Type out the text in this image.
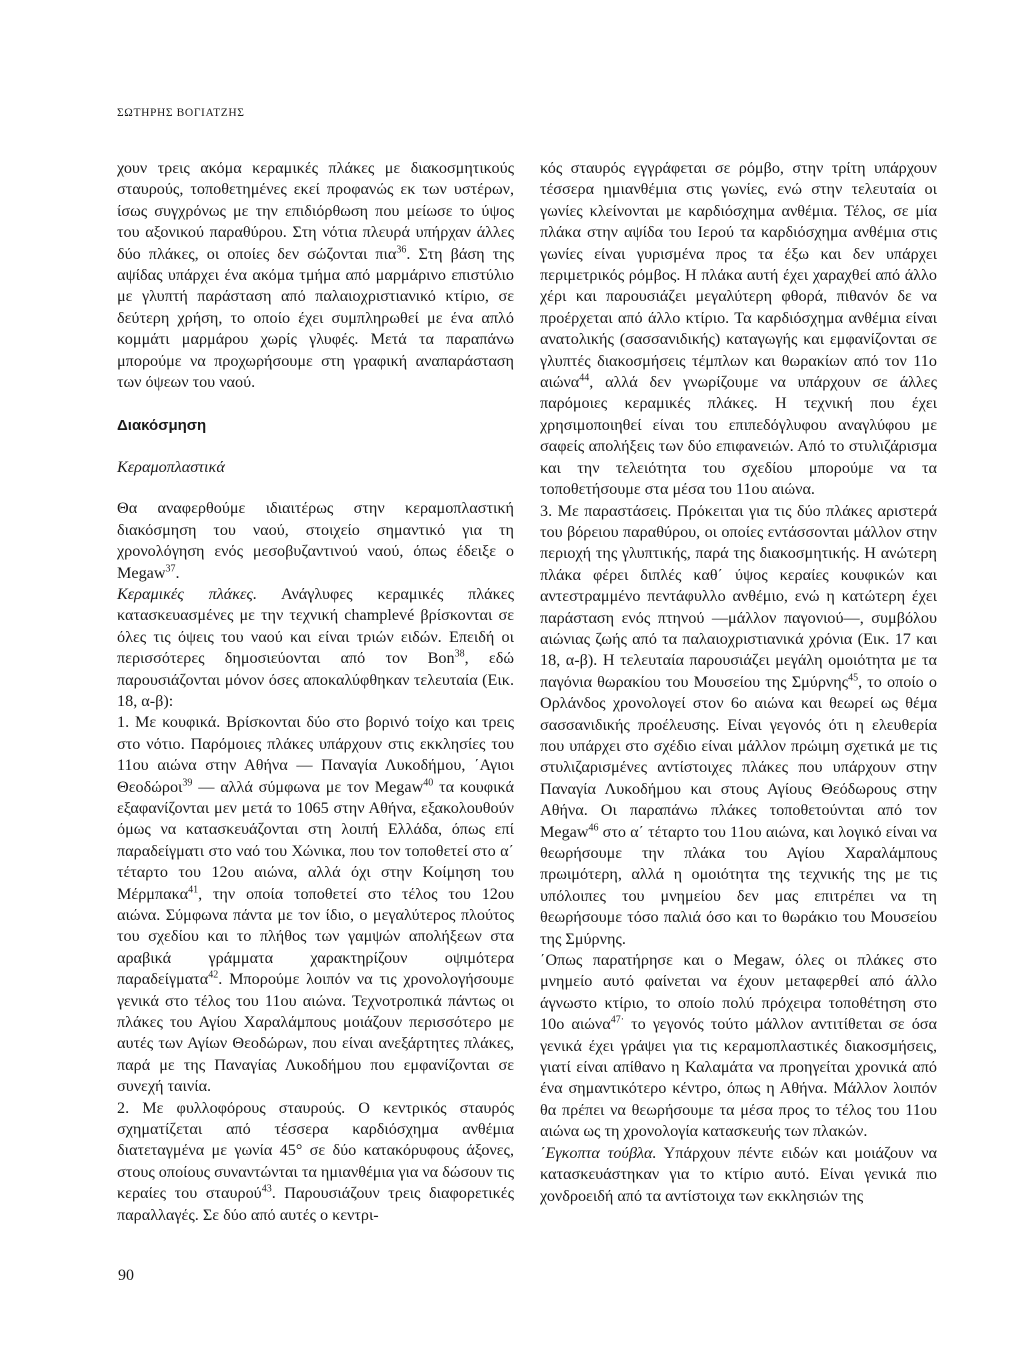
ΣΩΤΗΡΗΣ ΒΟΓΙΑΤΖΗΣ

χουν τρεις ακόμα κεραμικές πλάκες με διακοσμητικούς σταυρούς, τοποθετημένες εκεί προφανώς εκ των υστέρων, ίσως συγχρόνως με την επιδιόρθωση που μείωσε το ύψος του αξονικού παραθύρου. Στη νότια πλευρά υπήρχαν άλλες δύο πλάκες, οι οποίες δεν σώζονται πια$^{36}$. Στη βάση της αψίδας υπάρχει ένα ακόμα τμήμα από μαρμάρινο επιστύλιο με γλυπτή παράσταση από παλαιοχριστιανικό κτίριο, σε δεύτερη χρήση, το οποίο έχει συμπληρωθεί με ένα απλό κομμάτι μαρμάρου χωρίς γλυφές. Μετά τα παραπάνω μπορούμε να προχωρήσουμε στη γραφική αναπαράσταση των όψεων του ναού.

Διακόσμηση

Κεραμοπλαστικά

Θα αναφερθούμε ιδιαιτέρως στην κεραμοπλαστική διακόσμηση του ναού, στοιχείο σημαντικό για τη χρονολόγηση ενός μεσοβυζαντινού ναού, όπως έδειξε ο Megaw$^{37}$.

Κεραμικές πλάκες. Ανάγλυφες κεραμικές πλάκες κατασκευασμένες με την τεχνική champlevé βρίσκονται σε όλες τις όψεις του ναού και είναι τριών ειδών. Επειδή οι περισσότερες δημοσιεύονται από τον Bon$^{38}$, εδώ παρουσιάζονται μόνον όσες αποκαλύφθηκαν τελευταία (Εικ. 18, α-β):

1. Με κουφικά. Βρίσκονται δύο στο βορινό τοίχο και τρεις στο νότιο. Παρόμοιες πλάκες υπάρχουν στις εκκλησίες του 11ου αιώνα στην Αθήνα — Παναγία Λυκοδήμου, ΄Αγιοι Θεοδώροι$^{39}$ — αλλά σύμφωνα με τον Megaw$^{40}$ τα κουφικά εξαφανίζονται μεν μετά το 1065 στην Αθήνα, εξακολουθούν όμως να κατασκευάζονται στη λοιπή Ελλάδα, όπως επί παραδείγματι στο ναό του Χώνικα, που τον τοποθετεί στο α΄ τέταρτο του 12ου αιώνα, αλλά όχι στην Κοίμηση του Μέρμπακα$^{41}$, την οποία τοποθετεί στο τέλος του 12ου αιώνα. Σύμφωνα πάντα με τον ίδιο, ο μεγαλύτερος πλούτος του σχεδίου και το πλήθος των γαμψών απολήξεων στα αραβικά γράμματα χαρακτηρίζουν οψιμότερα παραδείγματα$^{42}$. Μπορούμε λοιπόν να τις χρονολογήσουμε γενικά στο τέλος του 11ου αιώνα. Τεχνοτροπικά πάντως οι πλάκες του Αγίου Χαραλάμπους μοιάζουν περισσότερο με αυτές των Αγίων Θεοδώρων, που είναι ανεξάρτητες πλάκες, παρά με της Παναγίας Λυκοδήμου που εμφανίζονται σε συνεχή ταινία.

2. Με φυλλοφόρους σταυρούς. Ο κεντρικός σταυρός σχηματίζεται από τέσσερα καρδιόσχημα ανθέμια διατεταγμένα με γωνία 45° σε δύο κατακόρυφους άξονες, στους οποίους συναντώνται τα ημιανθέμια για να δώσουν τις κεραίες του σταυρού$^{43}$. Παρουσιάζουν τρεις διαφορετικές παραλλαγές. Σε δύο από αυτές ο κεντρι-

κός σταυρός εγγράφεται σε ρόμβο, στην τρίτη υπάρχουν τέσσερα ημιανθέμια στις γωνίες, ενώ στην τελευταία οι γωνίες κλείνονται με καρδιόσχημα ανθέμια. Τέλος, σε μία πλάκα στην αψίδα του Ιερού τα καρδιόσχημα ανθέμια στις γωνίες είναι γυρισμένα προς τα έξω και δεν υπάρχει περιμετρικός ρόμβος. Η πλάκα αυτή έχει χαραχθεί από άλλο χέρι και παρουσιάζει μεγαλύτερη φθορά, πιθανόν δε να προέρχεται από άλλο κτίριο. Τα καρδιόσχημα ανθέμια είναι ανατολικής (σασσανιδικής) καταγωγής και εμφανίζονται σε γλυπτές διακοσμήσεις τέμπλων και θωρακίων από τον 11ο αιώνα$^{44}$, αλλά δεν γνωρίζουμε να υπάρχουν σε άλλες παρόμοιες κεραμικές πλάκες. Η τεχνική που έχει χρησιμοποιηθεί είναι του επιπεδόγλυφου αναγλύφου με σαφείς απολήξεις των δύο επιφανειών. Από το στυλιζάρισμα και την τελειότητα του σχεδίου μπορούμε να τα τοποθετήσουμε στα μέσα του 11ου αιώνα.

3. Με παραστάσεις. Πρόκειται για τις δύο πλάκες αριστερά του βόρειου παραθύρου, οι οποίες εντάσσονται μάλλον στην περιοχή της γλυπτικής, παρά της διακοσμητικής. Η ανώτερη πλάκα φέρει διπλές καθ΄ ύψος κεραίες κουφικών και αντεστραμμένο πεντάφυλλο ανθέμιο, ενώ η κατώτερη έχει παράσταση ενός πτηνού —μάλλον παγονιού—, συμβόλου αιώνιας ζωής από τα παλαιοχριστιανικά χρόνια (Εικ. 17 και 18, α-β). Η τελευταία παρουσιάζει μεγάλη ομοιότητα με τα παγόνια θωρακίου του Μουσείου της Σμύρνης$^{45}$, το οποίο ο Ορλάνδος χρονολογεί στον 6ο αιώνα και θεωρεί ως θέμα σασσανιδικής προέλευσης. Είναι γεγονός ότι η ελευθερία που υπάρχει στο σχέδιο είναι μάλλον πρώιμη σχετικά με τις στυλιζαρισμένες αντίστοιχες πλάκες που υπάρχουν στην Παναγία Λυκοδήμου και στους Αγίους Θεόδωρους στην Αθήνα. Οι παραπάνω πλάκες τοποθετούνται από τον Megaw$^{46}$ στο α΄ τέταρτο του 11ου αιώνα, και λογικό είναι να θεωρήσουμε την πλάκα του Αγίου Χαραλάμπους πρωιμότερη, αλλά η ομοιότητα της τεχνικής της με τις υπόλοιπες του μνημείου δεν μας επιτρέπει να τη θεωρήσουμε τόσο παλιά όσο και το θωράκιο του Μουσείου της Σμύρνης.

΄Οπως παρατήρησε και ο Megaw, όλες οι πλάκες στο μνημείο αυτό φαίνεται να έχουν μεταφερθεί από άλλο άγνωστο κτίριο, το οποίο πολύ πρόχειρα τοποθέτηση στο 10ο αιώνα$^{47\cdot}$ το γεγονός τούτο μάλλον αντιτίθεται σε όσα γενικά έχει γράψει για τις κεραμοπλαστικές διακοσμήσεις, γιατί είναι απίθανο η Καλαμάτα να προηγείται χρονικά από ένα σημαντικότερο κέντρο, όπως η Αθήνα. Μάλλον λοιπόν θα πρέπει να θεωρήσουμε τα μέσα προς το τέλος του 11ου αιώνα ως τη χρονολογία κατασκευής των πλακών.

΄Εγκοπτα τούβλα. Υπάρχουν πέντε ειδών και μοιάζουν να κατασκευάστηκαν για το κτίριο αυτό. Είναι γενικά πιο χονδροειδή από τα αντίστοιχα των εκκλησιών της

90
